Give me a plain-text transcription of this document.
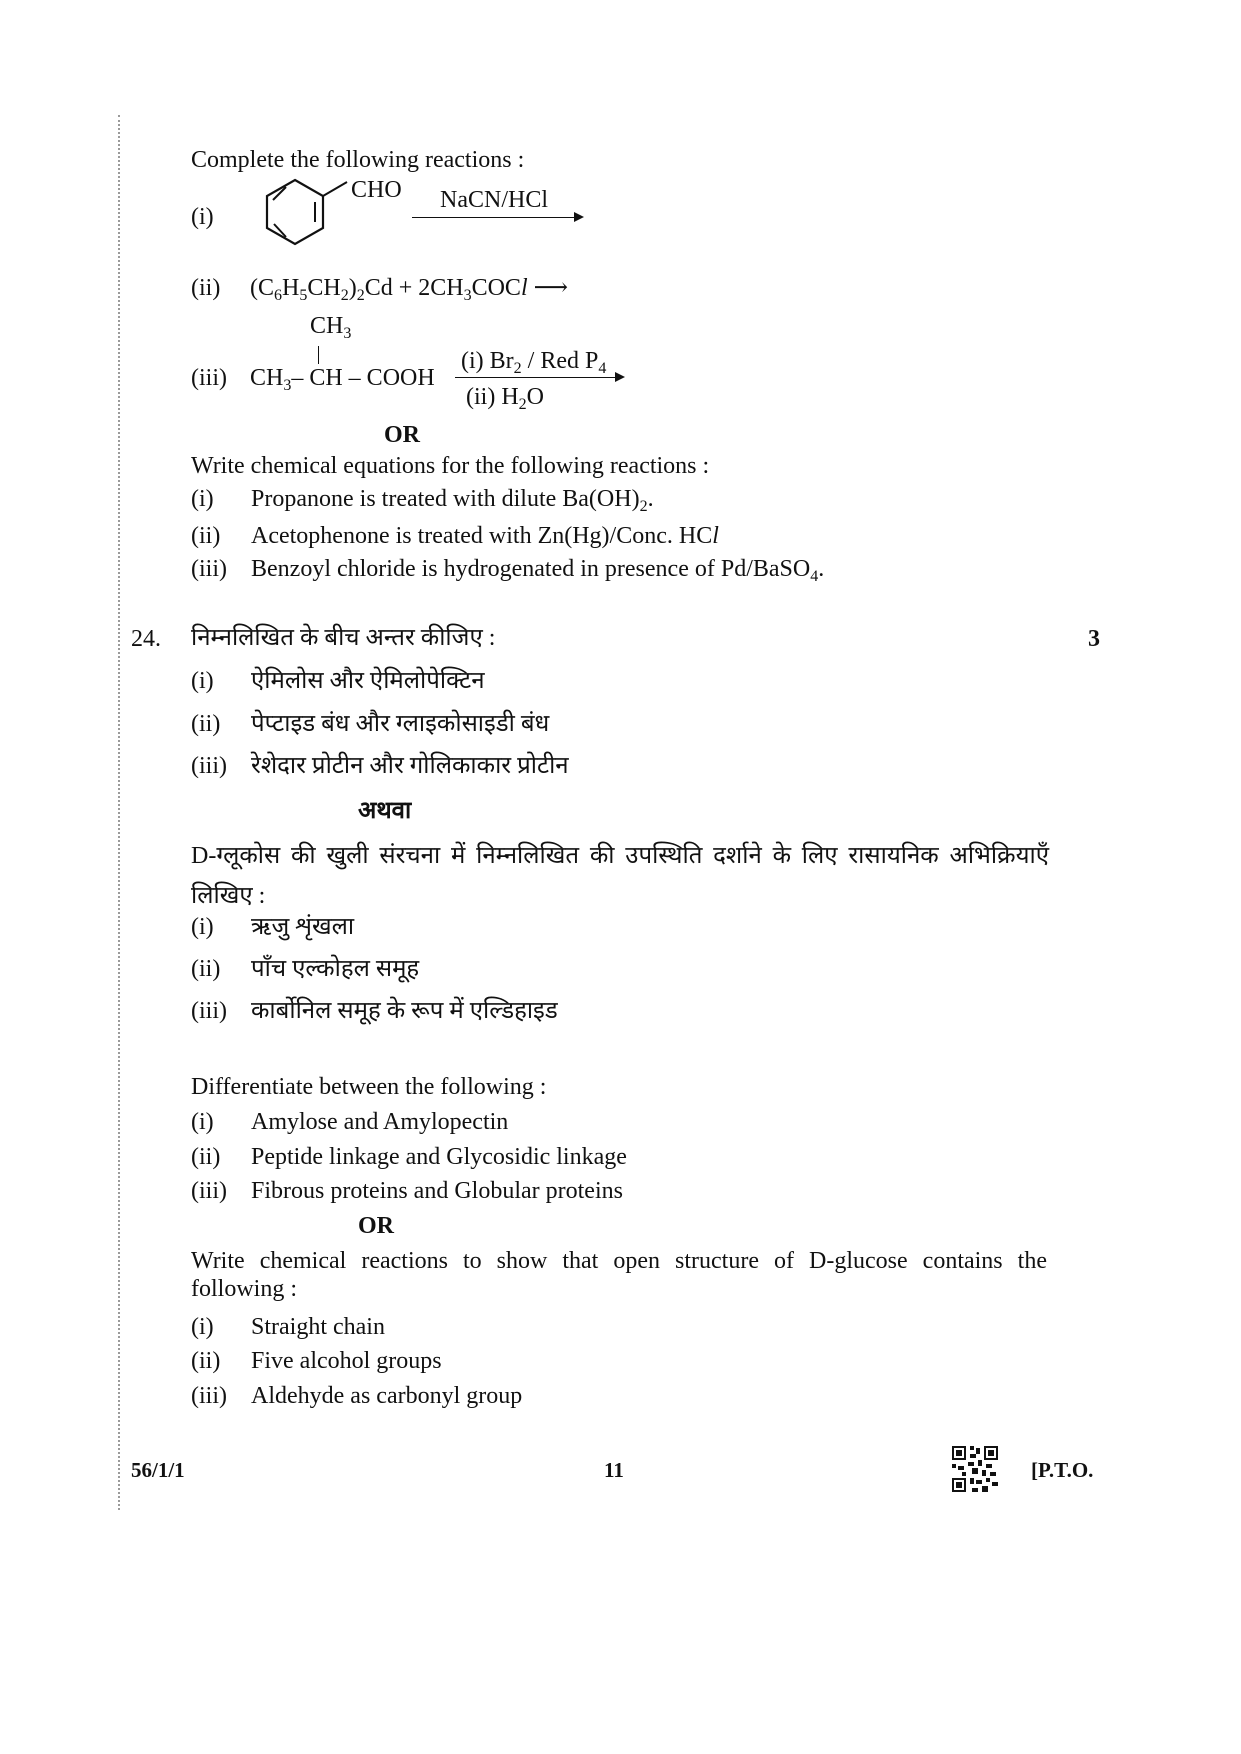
Complete the following reactions :
(i)
CHO NaCN/HCl
(ii) $(C_6H_5CH_2)_2Cd$ + $2CH_3COCl$ ⟶
$CH_3$
(iii) $CH_3-$ CH – COOH
(i) $Br_2$ / Red $P_4$
(ii) $H_2O$
OR
Write chemical equations for the following reactions :
(i) Propanone is treated with dilute $Ba(OH)_2$.
(ii) Acetophenone is treated with Zn(Hg)/Conc. HCl
(iii) Benzoyl chloride is hydrogenated in presence of Pd/BaSO$_4$.
24. निम्नलिखित के बीच अन्तर कीजिए :	3
(i) ऐमिलोस और ऐमिलोपेक्टिन
(ii) पेप्टाइड बंध और ग्लाइकोसाइडी बंध
(iii) रेशेदार प्रोटीन और गोलिकाकार प्रोटीन
अथवा
D-ग्लूकोस की खुली संरचना में निम्नलिखित की उपस्थिति दर्शाने के लिए रासायनिक अभिक्रियाएँ लिखिए :
(i) ऋजु शृंखला
(ii) पाँच एल्कोहल समूह
(iii) कार्बोनिल समूह के रूप में एल्डिहाइड
Differentiate between the following :
(i) Amylose and Amylopectin
(ii) Peptide linkage and Glycosidic linkage
(iii) Fibrous proteins and Globular proteins
OR
Write chemical reactions to show that open structure of D-glucose contains the following :
(i) Straight chain
(ii) Five alcohol groups
(iii) Aldehyde as carbonyl group
56/1/1	11	[P.T.O.
